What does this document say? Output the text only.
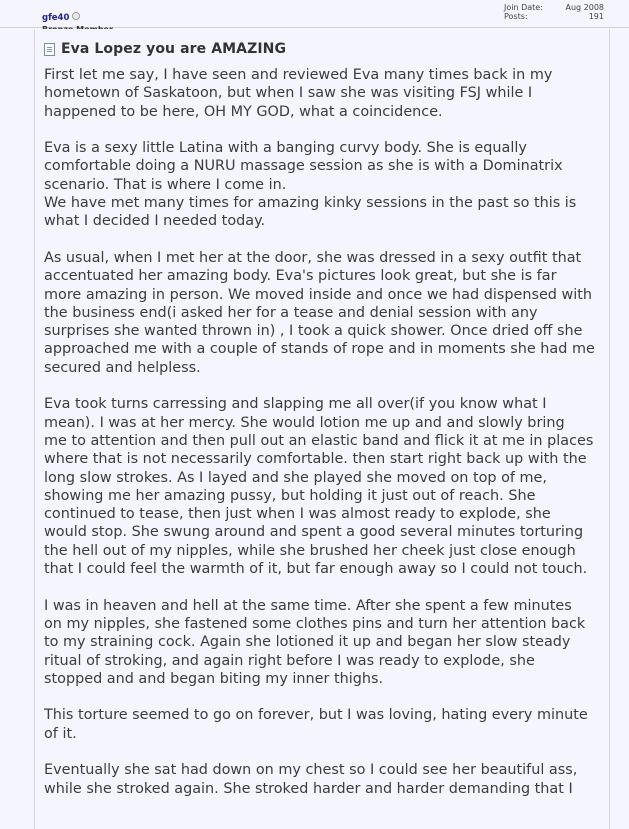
gfe40
Join Date:	Aug 2008
Posts:	191
Eva Lopez you are AMAZING

First let me say, I have seen and reviewed Eva many times back in my
hometown of Saskatoon, but when I saw she was visiting FSJ while I
happened to be here, OH MY GOD, what a coincidence.

Eva is a sexy little Latina with a banging curvy body. She is equally
comfortable doing a NURU massage session as she is with a Dominatrix
scenario. That is where I come in.
We have met many times for amazing kinky sessions in the past so this is
what I decided I needed today.

As usual, when I met her at the door, she was dressed in a sexy outfit that
accentuated her amazing body. Eva's pictures look great, but she is far
more amazing in person. We moved inside and once we had dispensed with
the business end(i asked her for a tease and denial session with any
surprises she wanted thrown in) , I took a quick shower. Once dried off she
approached me with a couple of stands of rope and in moments she had me
secured and helpless.

Eva took turns carressing and slapping me all over(if you know what I
mean). I was at her mercy. She would lotion me up and and slowly bring
me to attention and then pull out an elastic band and flick it at me in places
where that is not necessarily comfortable. then start right back up with the
long slow strokes. As I layed and she played she moved on top of me,
showing me her amazing pussy, but holding it just out of reach. She
continued to tease, then just when I was almost ready to explode, she
would stop. She swung around and spent a good several minutes torturing
the hell out of my nipples, while she brushed her cheek just close enough
that I could feel the warmth of it, but far enough away so I could not touch.

I was in heaven and hell at the same time. After she spent a few minutes
on my nipples, she fastened some clothes pins and turn her attention back
to my straining cock. Again she lotioned it up and began her slow steady
ritual of stroking, and again right before I was ready to explode, she
stopped and and began biting my inner thighs.

This torture seemed to go on forever, but I was loving, hating every minute
of it.

Eventually she sat had down on my chest so I could see her beautiful ass,
while she stroked again. She stroked harder and harder demanding that I
